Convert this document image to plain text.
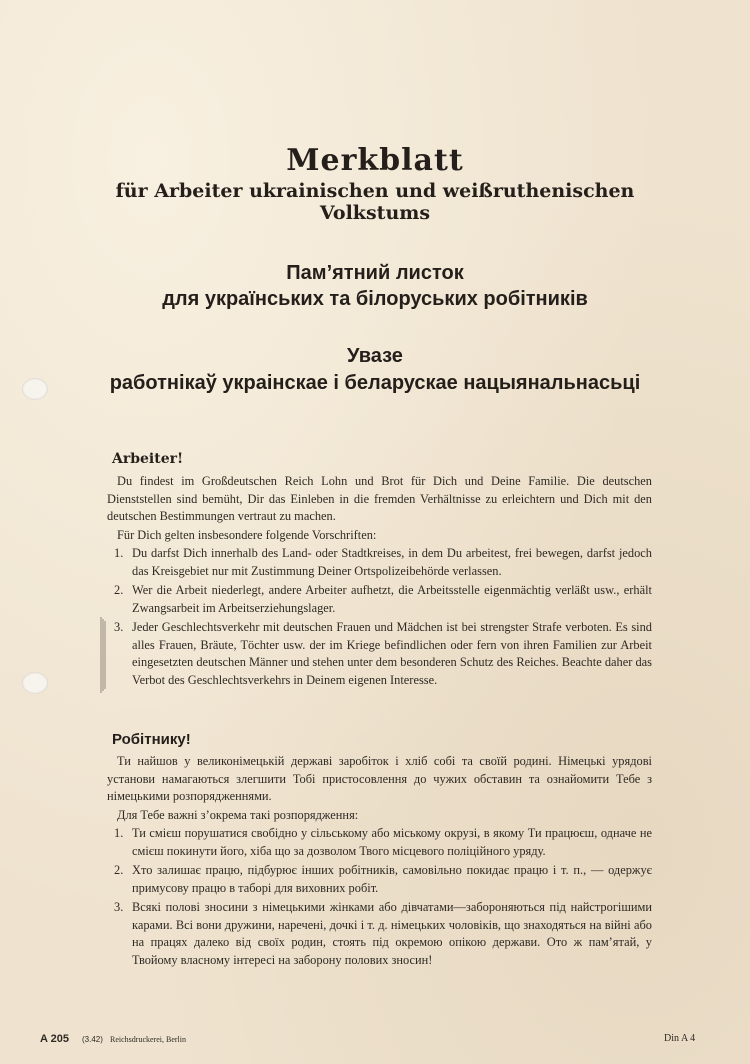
Merkblatt
für Arbeiter ukrainischen und weißruthenischen Volkstums
Пам’ятний листок
для українських та білоруських робітників
Увазе
работнікаў украінскае і беларускае нацыянальнасьці
Arbeiter!
Du findest im Großdeutschen Reich Lohn und Brot für Dich und Deine Familie. Die deutschen Dienststellen sind bemüht, Dir das Einleben in die fremden Verhältnisse zu erleichtern und Dich mit den deutschen Bestimmungen vertraut zu machen.
Für Dich gelten insbesondere folgende Vorschriften:
1. Du darfst Dich innerhalb des Land- oder Stadtkreises, in dem Du arbeitest, frei bewegen, darfst jedoch das Kreisgebiet nur mit Zustimmung Deiner Ortspolizeibehörde verlassen.
2. Wer die Arbeit niederlegt, andere Arbeiter aufhetzt, die Arbeitsstelle eigenmächtig verläßt usw., erhält Zwangsarbeit im Arbeitserziehungslager.
3. Jeder Geschlechtsverkehr mit deutschen Frauen und Mädchen ist bei strengster Strafe verboten. Es sind alles Frauen, Bräute, Töchter usw. der im Kriege befindlichen oder fern von ihren Familien zur Arbeit eingesetzten deutschen Männer und stehen unter dem besonderen Schutz des Reiches. Beachte daher das Verbot des Geschlechtsverkehrs in Deinem eigenen Interesse.
Робітнику!
Ти найшов у великонімецькій державі заробіток і хліб собі та своїй родині. Німецькі урядові установи намагаються злегшити Тобі пристосовлення до чужих обставин та ознайомити Тебе з німецькими розпорядженнями.
Для Тебе важні з’окрема такі розпорядження:
1. Ти смієш порушатися свобідно у сільському або міському окрузі, в якому Ти працюєш, одначе не смієш покинути його, хіба що за дозволом Твого місцевого поліційного уряду.
2. Хто залишає працю, підбурює інших робітників, самовільно покидає працю і т. п., — одержує примусову працю в таборі для виховних робіт.
3. Всякі полові зносини з німецькими жінками або дівчатами—забороняються під найстрогішими карами. Всі вони дружини, наречені, дочкі і т. д. німецьких чоловіків, що знаходяться на війні або на працях далеко від своїх родин, стоять під окремою опікою держави. Ото ж пам’ятай, у Твойому власному інтересі на заборону полових зносин!
A 205 (3.42) Reichsdruckerei, Berlin	Din A 4
